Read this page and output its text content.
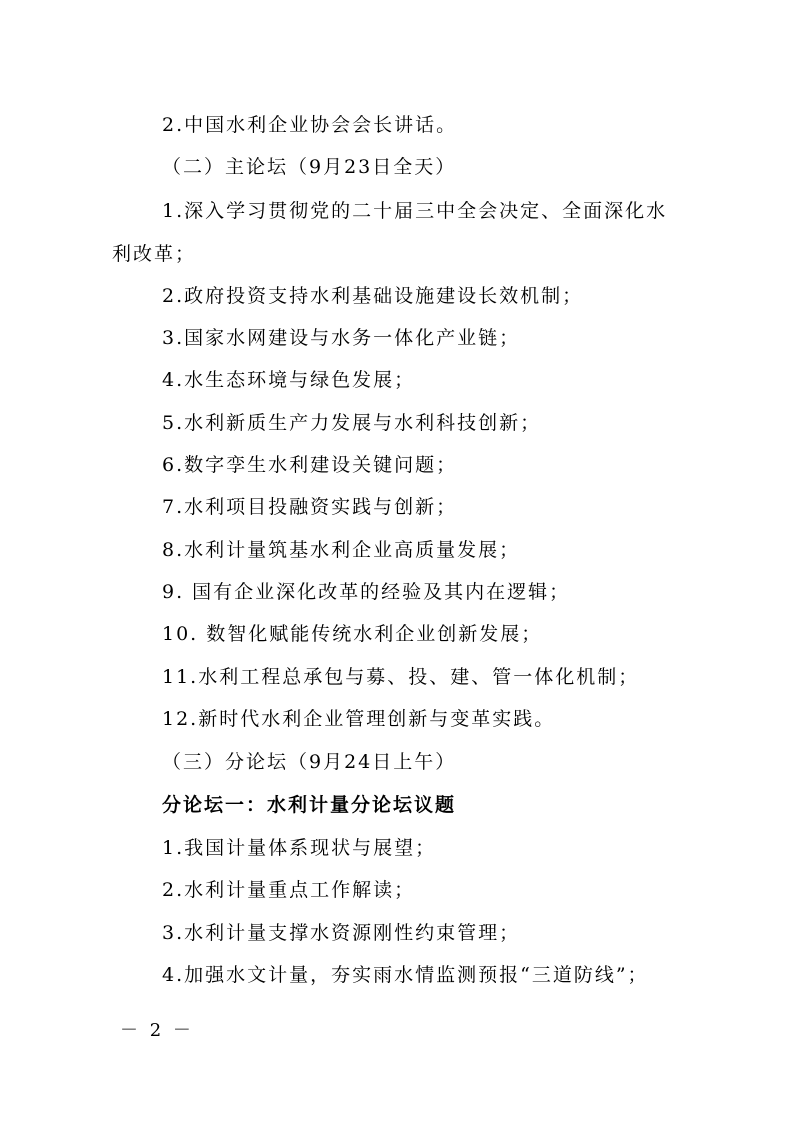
2.中国水利企业协会会长讲话。
（二）主论坛（9月23日全天）
1.深入学习贯彻党的二十届三中全会决定、全面深化水
利改革；
2.政府投资支持水利基础设施建设长效机制；
3.国家水网建设与水务一体化产业链；
4.水生态环境与绿色发展；
5.水利新质生产力发展与水利科技创新；
6.数字孪生水利建设关键问题；
7.水利项目投融资实践与创新；
8.水利计量筑基水利企业高质量发展；
9. 国有企业深化改革的经验及其内在逻辑；
10. 数智化赋能传统水利企业创新发展；
11.水利工程总承包与募、投、建、管一体化机制；
12.新时代水利企业管理创新与变革实践。
（三）分论坛（9月24日上午）
分论坛一：水利计量分论坛议题
1.我国计量体系现状与展望；
2.水利计量重点工作解读；
3.水利计量支撑水资源刚性约束管理；
4.加强水文计量，夯实雨水情监测预报“三道防线”；
－ 2 －
